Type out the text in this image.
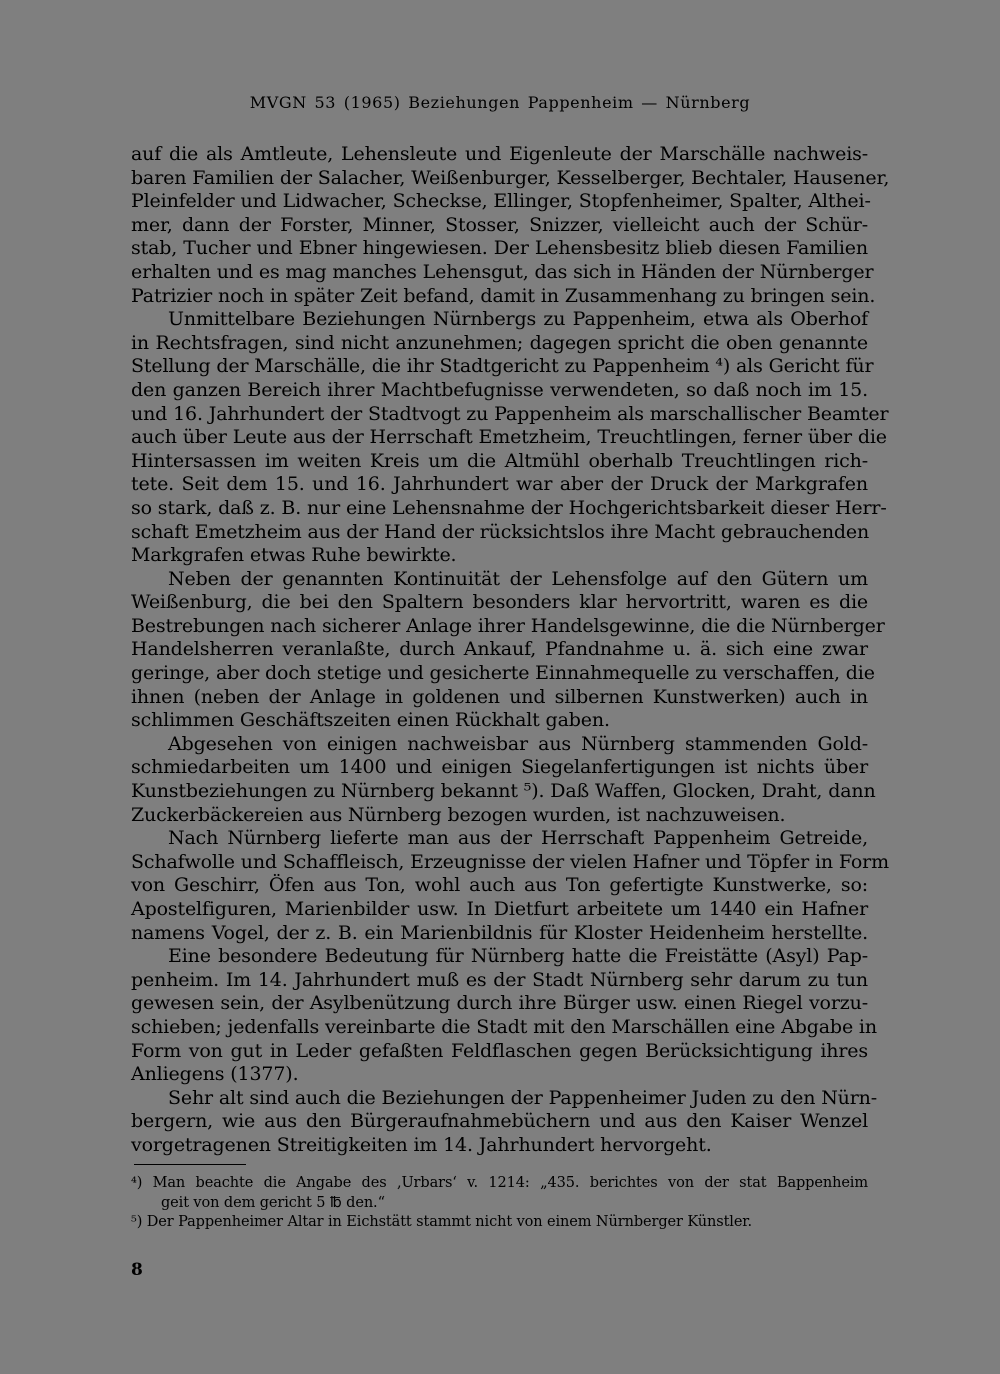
MVGN 53 (1965) Beziehungen Pappenheim — Nürnberg
auf die als Amtleute, Lehensleute und Eigenleute der Marschälle nachweis-
baren Familien der Salacher, Weißenburger, Kesselberger, Bechtaler, Hausener,
Pleinfelder und Lidwacher, Scheckse, Ellinger, Stopfenheimer, Spalter, Althei-
mer, dann der Forster, Minner, Stosser, Snizzer, vielleicht auch der Schür-
stab, Tucher und Ebner hingewiesen. Der Lehensbesitz blieb diesen Familien
erhalten und es mag manches Lehensgut, das sich in Händen der Nürnberger
Patrizier noch in später Zeit befand, damit in Zusammenhang zu bringen sein.
Unmittelbare Beziehungen Nürnbergs zu Pappenheim, etwa als Oberhof
in Rechtsfragen, sind nicht anzunehmen; dagegen spricht die oben genannte
Stellung der Marschälle, die ihr Stadtgericht zu Pappenheim ⁴) als Gericht für
den ganzen Bereich ihrer Machtbefugnisse verwendeten, so daß noch im 15.
und 16. Jahrhundert der Stadtvogt zu Pappenheim als marschallischer Beamter
auch über Leute aus der Herrschaft Emetzheim, Treuchtlingen, ferner über die
Hintersassen im weiten Kreis um die Altmühl oberhalb Treuchtlingen rich-
tete. Seit dem 15. und 16. Jahrhundert war aber der Druck der Markgrafen
so stark, daß z. B. nur eine Lehensnahme der Hochgerichtsbarkeit dieser Herr-
schaft Emetzheim aus der Hand der rücksichtslos ihre Macht gebrauchenden
Markgrafen etwas Ruhe bewirkte.
Neben der genannten Kontinuität der Lehensfolge auf den Gütern um
Weißenburg, die bei den Spaltern besonders klar hervortritt, waren es die
Bestrebungen nach sicherer Anlage ihrer Handelsgewinne, die die Nürnberger
Handelsherren veranlaßte, durch Ankauf, Pfandnahme u. ä. sich eine zwar
geringe, aber doch stetige und gesicherte Einnahmequelle zu verschaffen, die
ihnen (neben der Anlage in goldenen und silbernen Kunstwerken) auch in
schlimmen Geschäftszeiten einen Rückhalt gaben.
Abgesehen von einigen nachweisbar aus Nürnberg stammenden Gold-
schmiedarbeiten um 1400 und einigen Siegelanfertigungen ist nichts über
Kunstbeziehungen zu Nürnberg bekannt ⁵). Daß Waffen, Glocken, Draht, dann
Zuckerbäckereien aus Nürnberg bezogen wurden, ist nachzuweisen.
Nach Nürnberg lieferte man aus der Herrschaft Pappenheim Getreide,
Schafwolle und Schaffleisch, Erzeugnisse der vielen Hafner und Töpfer in Form
von Geschirr, Öfen aus Ton, wohl auch aus Ton gefertigte Kunstwerke, so:
Apostelfiguren, Marienbilder usw. In Dietfurt arbeitete um 1440 ein Hafner
namens Vogel, der z. B. ein Marienbildnis für Kloster Heidenheim herstellte.
Eine besondere Bedeutung für Nürnberg hatte die Freistätte (Asyl) Pap-
penheim. Im 14. Jahrhundert muß es der Stadt Nürnberg sehr darum zu tun
gewesen sein, der Asylbenützung durch ihre Bürger usw. einen Riegel vorzu-
schieben; jedenfalls vereinbarte die Stadt mit den Marschällen eine Abgabe in
Form von gut in Leder gefaßten Feldflaschen gegen Berücksichtigung ihres
Anliegens (1377).
Sehr alt sind auch die Beziehungen der Pappenheimer Juden zu den Nürn-
bergern, wie aus den Bürgeraufnahmebüchern und aus den Kaiser Wenzel
vorgetragenen Streitigkeiten im 14. Jahrhundert hervorgeht.
⁴) Man beachte die Angabe des ‚Urbars‘ v. 1214: „435. berichtes von der stat Bappenheim
geit von dem gericht 5 ℔ den.“
⁵) Der Pappenheimer Altar in Eichstätt stammt nicht von einem Nürnberger Künstler.
8
